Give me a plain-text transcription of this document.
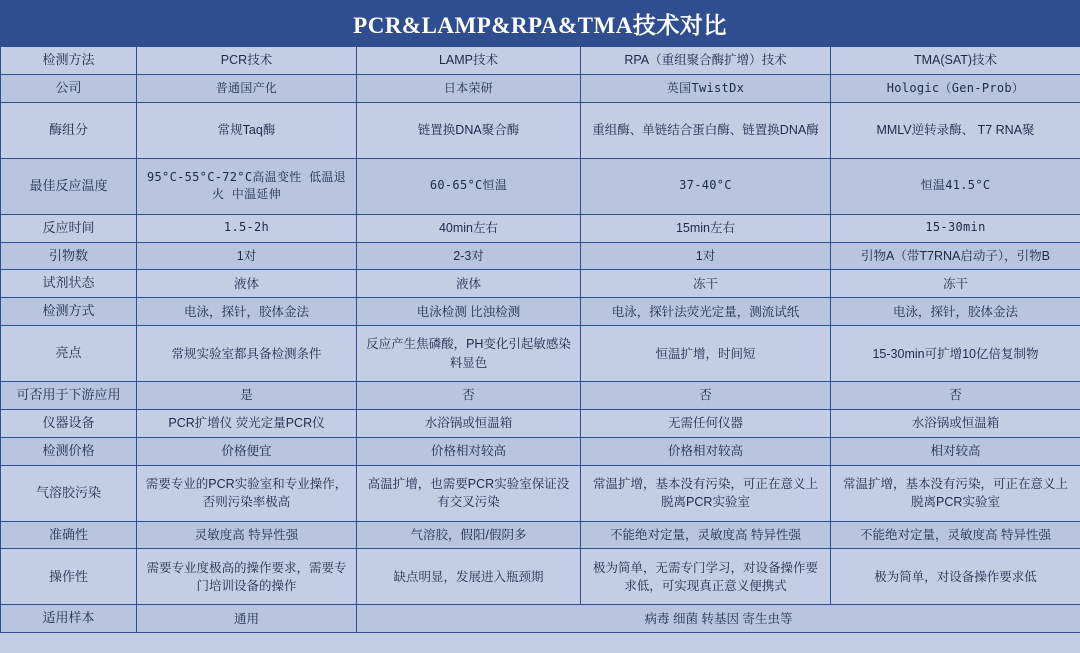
PCR&LAMP&RPA&TMA技术对比
检测方法	PCR技术	LAMP技术	RPA（重组聚合酶扩增）技术	TMA(SAT)技术
公司	普通国产化	日本荣研	英国TwistDx	Hologic（Gen-Prob）
酶组分	常规Taq酶	链置换DNA聚合酶	重组酶、单链结合蛋白酶、链置换DNA酶	MMLV逆转录酶、 T7 RNA聚
最佳反应温度	95°C-55°C-72°C高温变性 低温退火 中温延伸	60-65°C恒温	37-40°C	恒温41.5°C
反应时间	1.5-2h	40min左右	15min左右	15-30min
引物数	1对	2-3对	1对	引物A（带T7RNA启动子），引物B
试剂状态	液体	液体	冻干	冻干
检测方式	电泳，探针，胶体金法	电泳检测 比浊检测	电泳，探针法荧光定量，测流试纸	电泳，探针，胶体金法
亮点	常规实验室都具备检测条件	反应产生焦磷酸，PH变化引起敏感染料显色	恒温扩增，时间短	15-30min可扩增10亿倍复制物
可否用于下游应用	是	否	否	否
仪器设备	PCR扩增仪 荧光定量PCR仪	水浴锅或恒温箱	无需任何仪器	水浴锅或恒温箱
检测价格	价格便宜	价格相对较高	价格相对较高	相对较高
气溶胶污染	需要专业的PCR实验室和专业操作，否则污染率极高	高温扩增，也需要PCR实验室保证没有交叉污染	常温扩增，基本没有污染，可正在意义上脱离PCR实验室	常温扩增，基本没有污染，可正在意义上脱离PCR实验室
准确性	灵敏度高 特异性强	气溶胶，假阳/假阴多	不能绝对定量，灵敏度高 特异性强	不能绝对定量，灵敏度高 特异性强
操作性	需要专业度极高的操作要求，需要专门培训设备的操作	缺点明显，发展进入瓶颈期	极为简单，无需专门学习，对设备操作要求低，可实现真正意义便携式	极为简单，对设备操作要求低
适用样本	通用	病毒 细菌 转基因 寄生虫等		
